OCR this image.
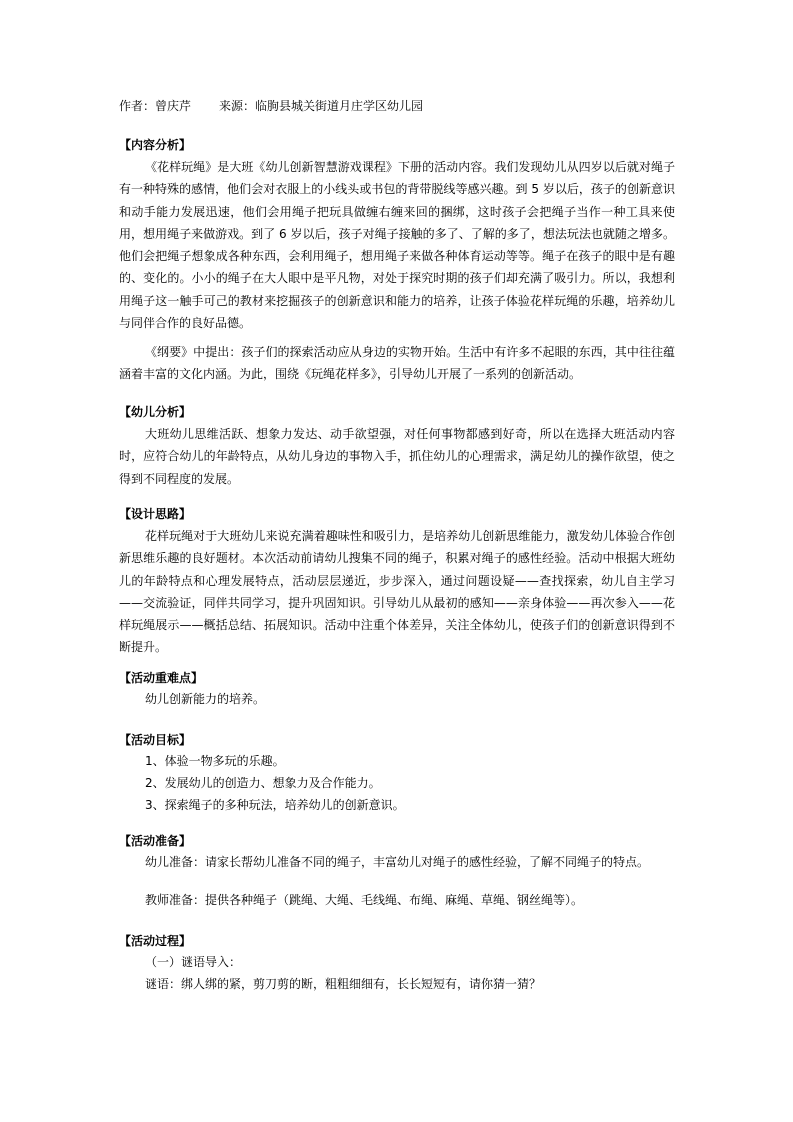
作者：曾庆芹 来源：临朐县城关街道月庄学区幼儿园

【内容分析】

《花样玩绳》是大班《幼儿创新智慧游戏课程》下册的活动内容。我们发现幼儿从四岁以后就对绳子有一种特殊的感情，他们会对衣服上的小线头或书包的背带脱线等感兴趣。到 5 岁以后，孩子的创新意识和动手能力发展迅速，他们会用绳子把玩具做缠右缠来回的捆绑，这时孩子会把绳子当作一种工具来使用，想用绳子来做游戏。到了 6 岁以后，孩子对绳子接触的多了、了解的多了，想法玩法也就随之增多。他们会把绳子想象成各种东西，会利用绳子，想用绳子来做各种体育运动等等。绳子在孩子的眼中是有趣的、变化的。小小的绳子在大人眼中是平凡物，对处于探究时期的孩子们却充满了吸引力。所以，我想利用绳子这一触手可己的教材来挖掘孩子的创新意识和能力的培养，让孩子体验花样玩绳的乐趣，培养幼儿与同伴合作的良好品德。

《纲要》中提出：孩子们的探索活动应从身边的实物开始。生活中有许多不起眼的东西，其中往往蕴涵着丰富的文化内涵。为此，围绕《玩绳花样多》，引导幼儿开展了一系列的创新活动。

【幼儿分析】

大班幼儿思维活跃、想象力发达、动手欲望强，对任何事物都感到好奇，所以在选择大班活动内容时，应符合幼儿的年龄特点，从幼儿身边的事物入手，抓住幼儿的心理需求，满足幼儿的操作欲望，使之得到不同程度的发展。

【设计思路】

花样玩绳对于大班幼儿来说充满着趣味性和吸引力，是培养幼儿创新思维能力，激发幼儿体验合作创新思维乐趣的良好题材。本次活动前请幼儿搜集不同的绳子，积累对绳子的感性经验。活动中根据大班幼儿的年龄特点和心理发展特点，活动层层递近，步步深入，通过问题设疑——查找探索，幼儿自主学习——交流验证，同伴共同学习，提升巩固知识。引导幼儿从最初的感知——亲身体验——再次参入——花样玩绳展示——概括总结、拓展知识。活动中注重个体差异，关注全体幼儿，使孩子们的创新意识得到不断提升。

【活动重难点】

幼儿创新能力的培养。

【活动目标】

1、体验一物多玩的乐趣。

2、发展幼儿的创造力、想象力及合作能力。

3、探索绳子的多种玩法，培养幼儿的创新意识。

【活动准备】

幼儿准备：请家长帮幼儿准备不同的绳子，丰富幼儿对绳子的感性经验，了解不同绳子的特点。

教师准备：提供各种绳子（跳绳、大绳、毛线绳、布绳、麻绳、草绳、钢丝绳等）。

【活动过程】

（一）谜语导入：

谜语：绑人绑的紧，剪刀剪的断，粗粗细细有，长长短短有，请你猜一猜？
